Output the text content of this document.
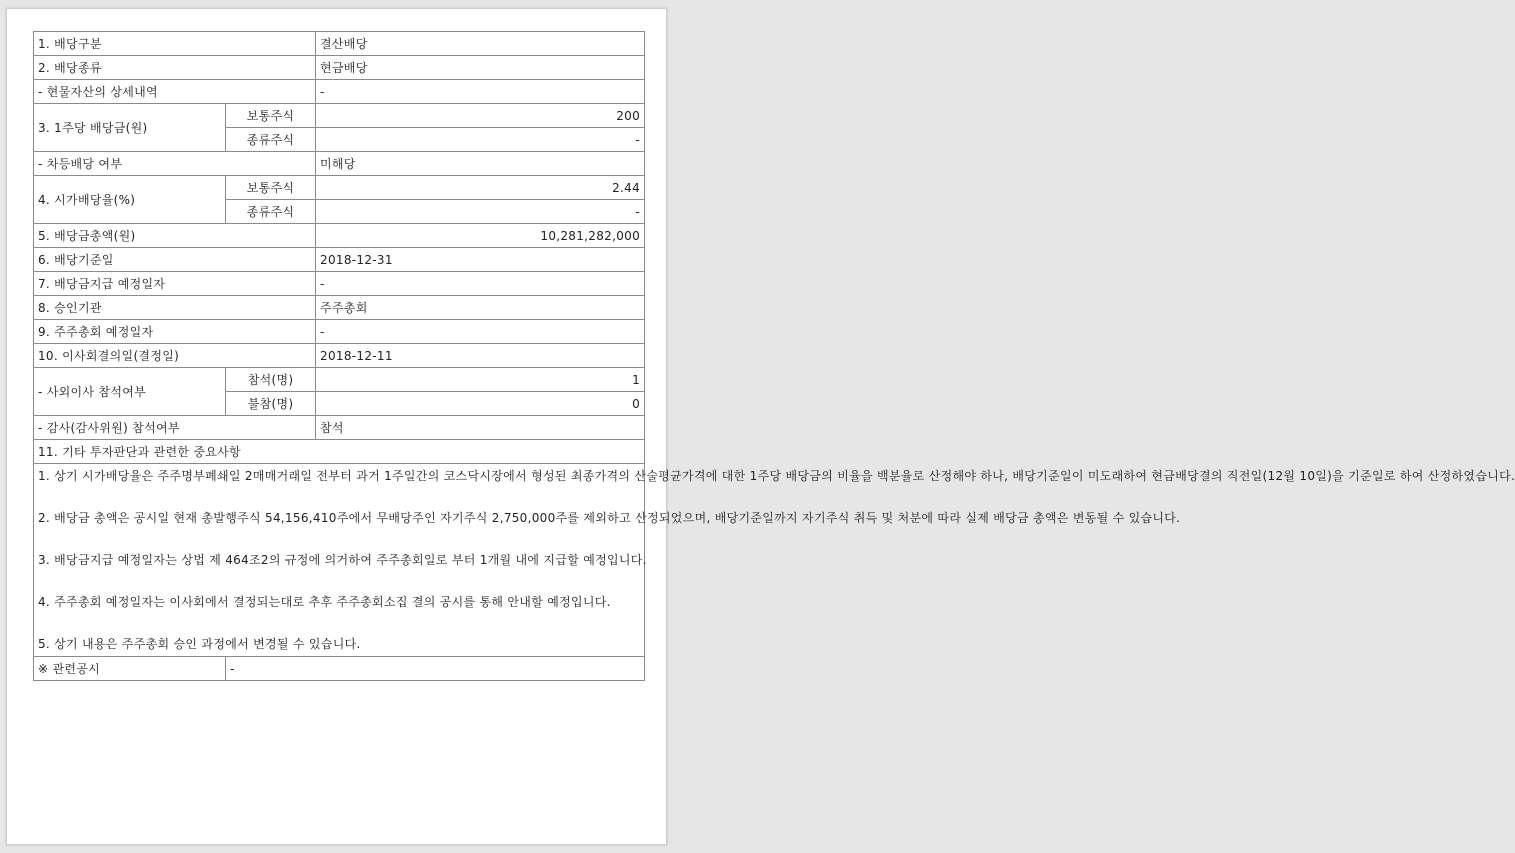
1. 배당구분		결산배당
2. 배당종류		현금배당
- 현물자산의 상세내역		-
3. 1주당 배당금(원)	보통주식	200
	종류주식	-
- 차등배당 여부		미해당
4. 시가배당율(%)	보통주식	2.44
	종류주식	-
5. 배당금총액(원)		10,281,282,000
6. 배당기준일		2018-12-31
7. 배당금지급 예정일자		-
8. 승인기관		주주총회
9. 주주총회 예정일자		-
10. 이사회결의일(결정일)		2018-12-11
- 사외이사 참석여부	참석(명)	1
	불참(명)	0
- 감사(감사위원) 참석여부		참석
11. 기타 투자판단과 관련한 중요사항		

1. 상기 시가배당율은 주주명부폐쇄일 2매매거래일 전부터 과거 1주일간의 코스닥시장에서 형성된 최종가격의 산술평균가격에 대한 1주당 배당금의 비율을 백분율로 산정해야 하나, 배당기준일이 미도래하여 현금배당결의 직전일(12월 10일)을 기준일로 하여 산정하였습니다.
2. 배당금 총액은 공시일 현재 총발행주식 54,156,410주에서 무배당주인 자기주식 2,750,000주를 제외하고 산정되었으며, 배당기준일까지 자기주식 취득 및 처분에 따라 실제 배당금 총액은 변동될 수 있습니다.
3. 배당금지급 예정일자는 상법 제 464조2의 규정에 의거하여 주주총회일로 부터 1개월 내에 지급할 예정입니다.
4. 주주총회 예정일자는 이사회에서 결정되는대로 추후 주주총회소집 결의 공시를 통해 안내할 예정입니다.
5. 상기 내용은 주주총회 승인 과정에서 변경될 수 있습니다.		

※ 관련공시	-	
